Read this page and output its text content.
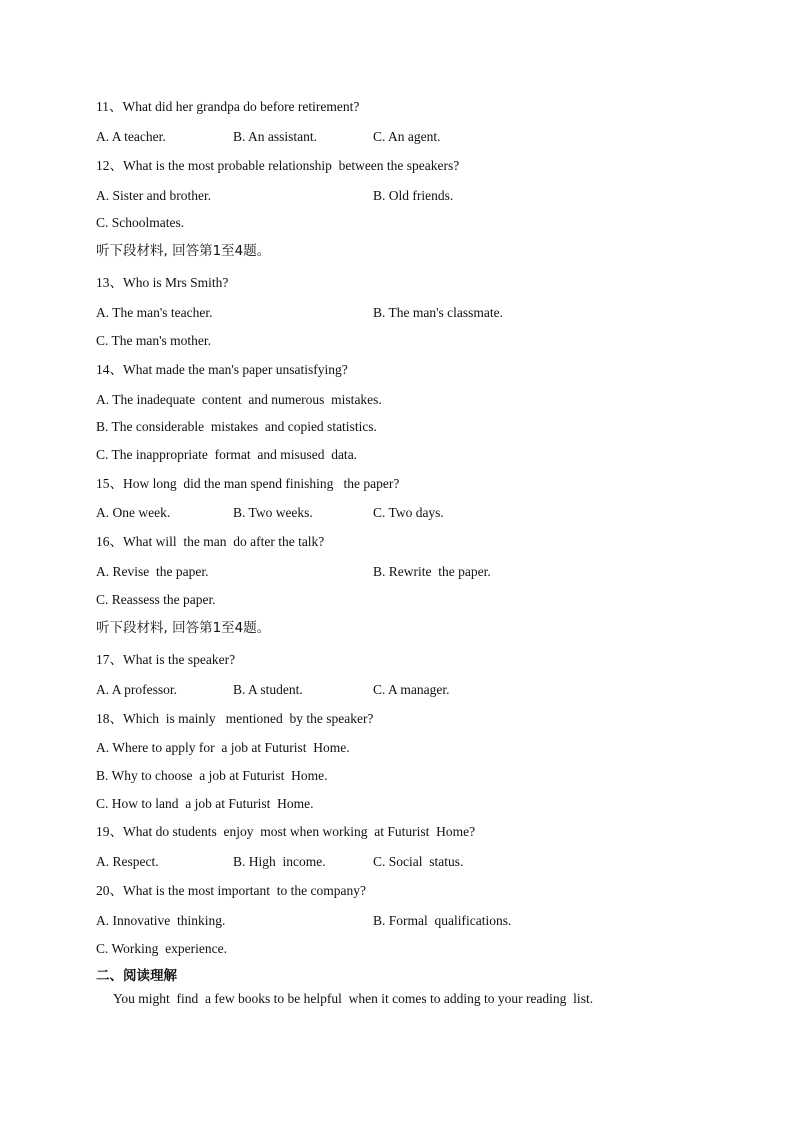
11、What did her grandpa do before retirement?
A. A teacher.	B. An assistant.	C. An agent.
12、What is the most probable relationship  between the speakers?
A. Sister and brother.	B. Old friends.
C. Schoolmates.
听下段材料, 回答第1至4题。
13、Who is Mrs Smith?
A. The man's teacher.	B. The man's classmate.
C. The man's mother.
14、What made the man's paper unsatisfying?
A. The inadequate  content  and numerous  mistakes.
B. The considerable  mistakes  and copied statistics.
C. The inappropriate  format  and misused  data.
15、How long  did the man spend finishing   the paper?
A. One week.	B. Two weeks.	C. Two days.
16、What will  the man  do after the talk?
A. Revise  the paper.	B. Rewrite  the paper.
C. Reassess the paper.
听下段材料, 回答第1至4题。
17、What is the speaker?
A. A professor.	B. A student.	C. A manager.
18、Which  is mainly   mentioned  by the speaker?
A. Where to apply for  a job at Futurist  Home.
B. Why to choose  a job at Futurist  Home.
C. How to land  a job at Futurist  Home.
19、What do students  enjoy  most when working  at Futurist  Home?
A. Respect.	B. High  income.	C. Social  status.
20、What is the most important  to the company?
A. Innovative  thinking.	B. Formal  qualifications.
C. Working  experience.
二、阅读理解
You might  find  a few books to be helpful  when it comes to adding to your reading  list.
